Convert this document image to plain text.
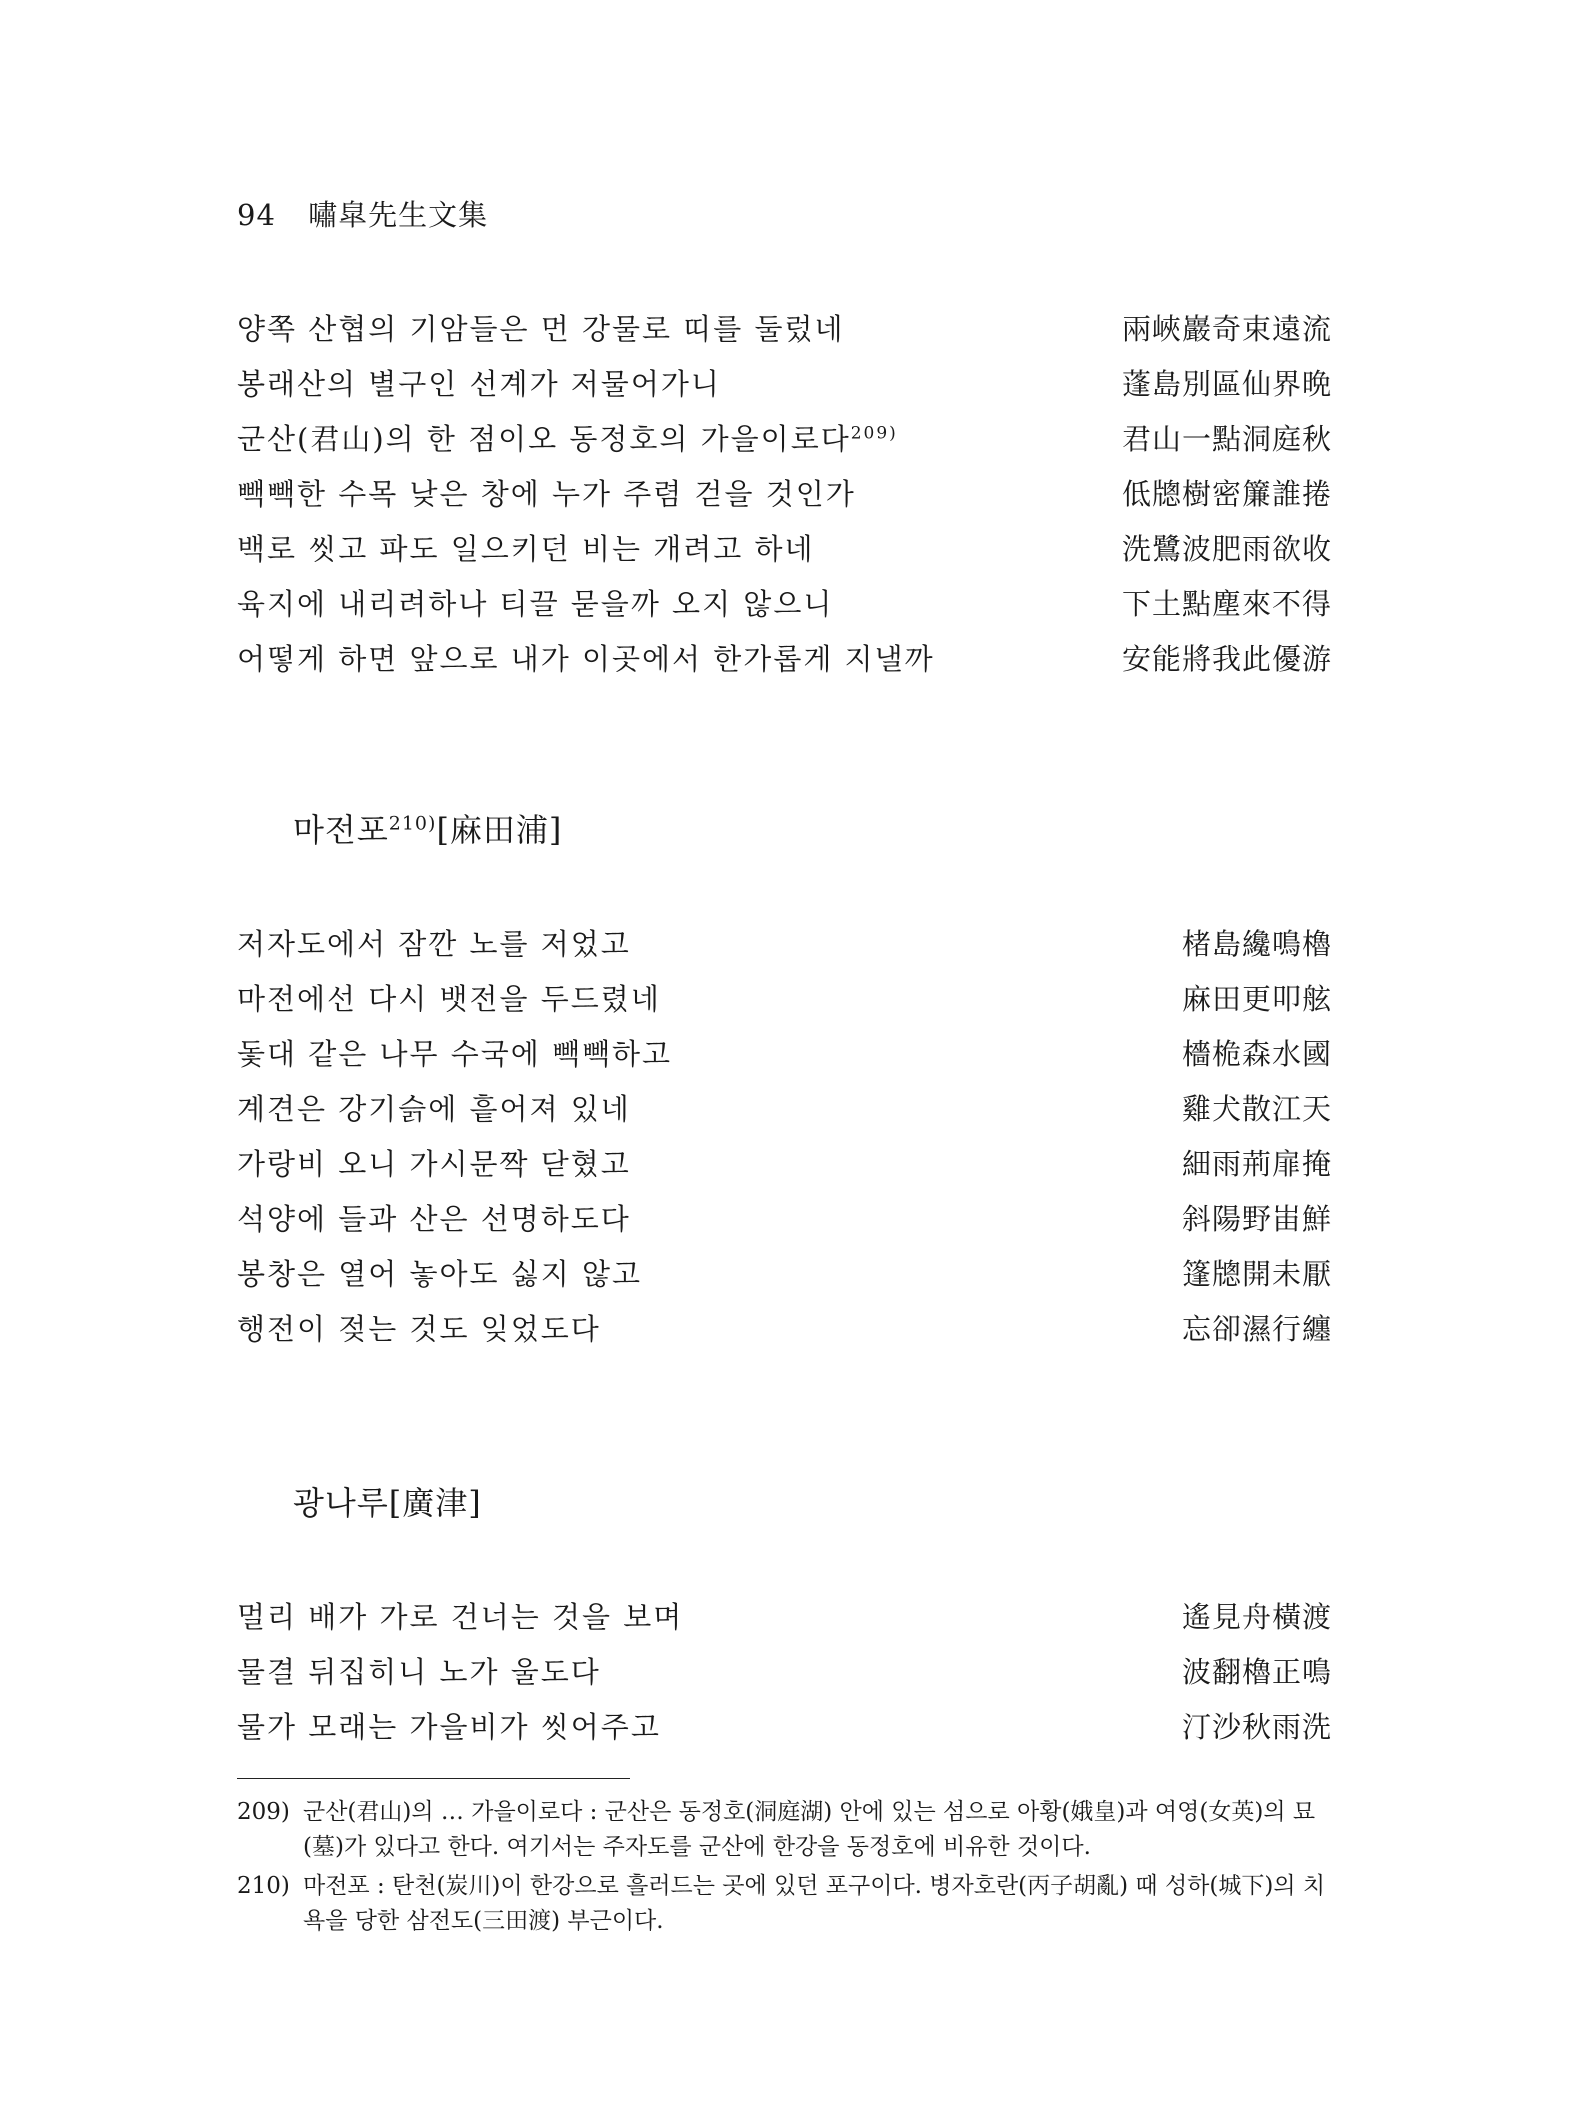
94 嘯皐先生文集
양쪽 산협의 기암들은 먼 강물로 띠를 둘렀네	兩峽巖奇束遠流
봉래산의 별구인 선계가 저물어가니	蓬島別區仙界晩
군산(君山)의 한 점이오 동정호의 가을이로다$^{209)}$	君山一點洞庭秋
빽빽한 수목 낮은 창에 누가 주렴 걷을 것인가	低牕樹密簾誰捲
백로 씻고 파도 일으키던 비는 개려고 하네	洗鷺波肥雨欲收
육지에 내리려하나 티끌 묻을까 오지 않으니	下土點塵來不得
어떻게 하면 앞으로 내가 이곳에서 한가롭게 지낼까	安能將我此優游
마전포$^{210)}$[麻田浦]
저자도에서 잠깐 노를 저었고	楮島纔鳴櫓
마전에선 다시 뱃전을 두드렸네	麻田更叩舷
돛대 같은 나무 수국에 빽빽하고	檣桅森水國
계견은 강기슭에 흩어져 있네	雞犬散江天
가랑비 오니 가시문짝 닫혔고	細雨荊扉掩
석양에 들과 산은 선명하도다	斜陽野峀鮮
봉창은 열어 놓아도 싫지 않고	篷牕開未厭
행전이 젖는 것도 잊었도다	忘卻濕行纏
광나루[廣津]
멀리 배가 가로 건너는 것을 보며	遙見舟橫渡
물결 뒤집히니 노가 울도다	波翻櫓正鳴
물가 모래는 가을비가 씻어주고	汀沙秋雨洗
209) 군산(君山)의 … 가을이로다 : 군산은 동정호(洞庭湖) 안에 있는 섬으로 아황(娥皇)과 여영(女英)의 묘(墓)가 있다고 한다. 여기서는 주자도를 군산에 한강을 동정호에 비유한 것이다.
210) 마전포 : 탄천(炭川)이 한강으로 흘러드는 곳에 있던 포구이다. 병자호란(丙子胡亂) 때 성하(城下)의 치욕을 당한 삼전도(三田渡) 부근이다.
